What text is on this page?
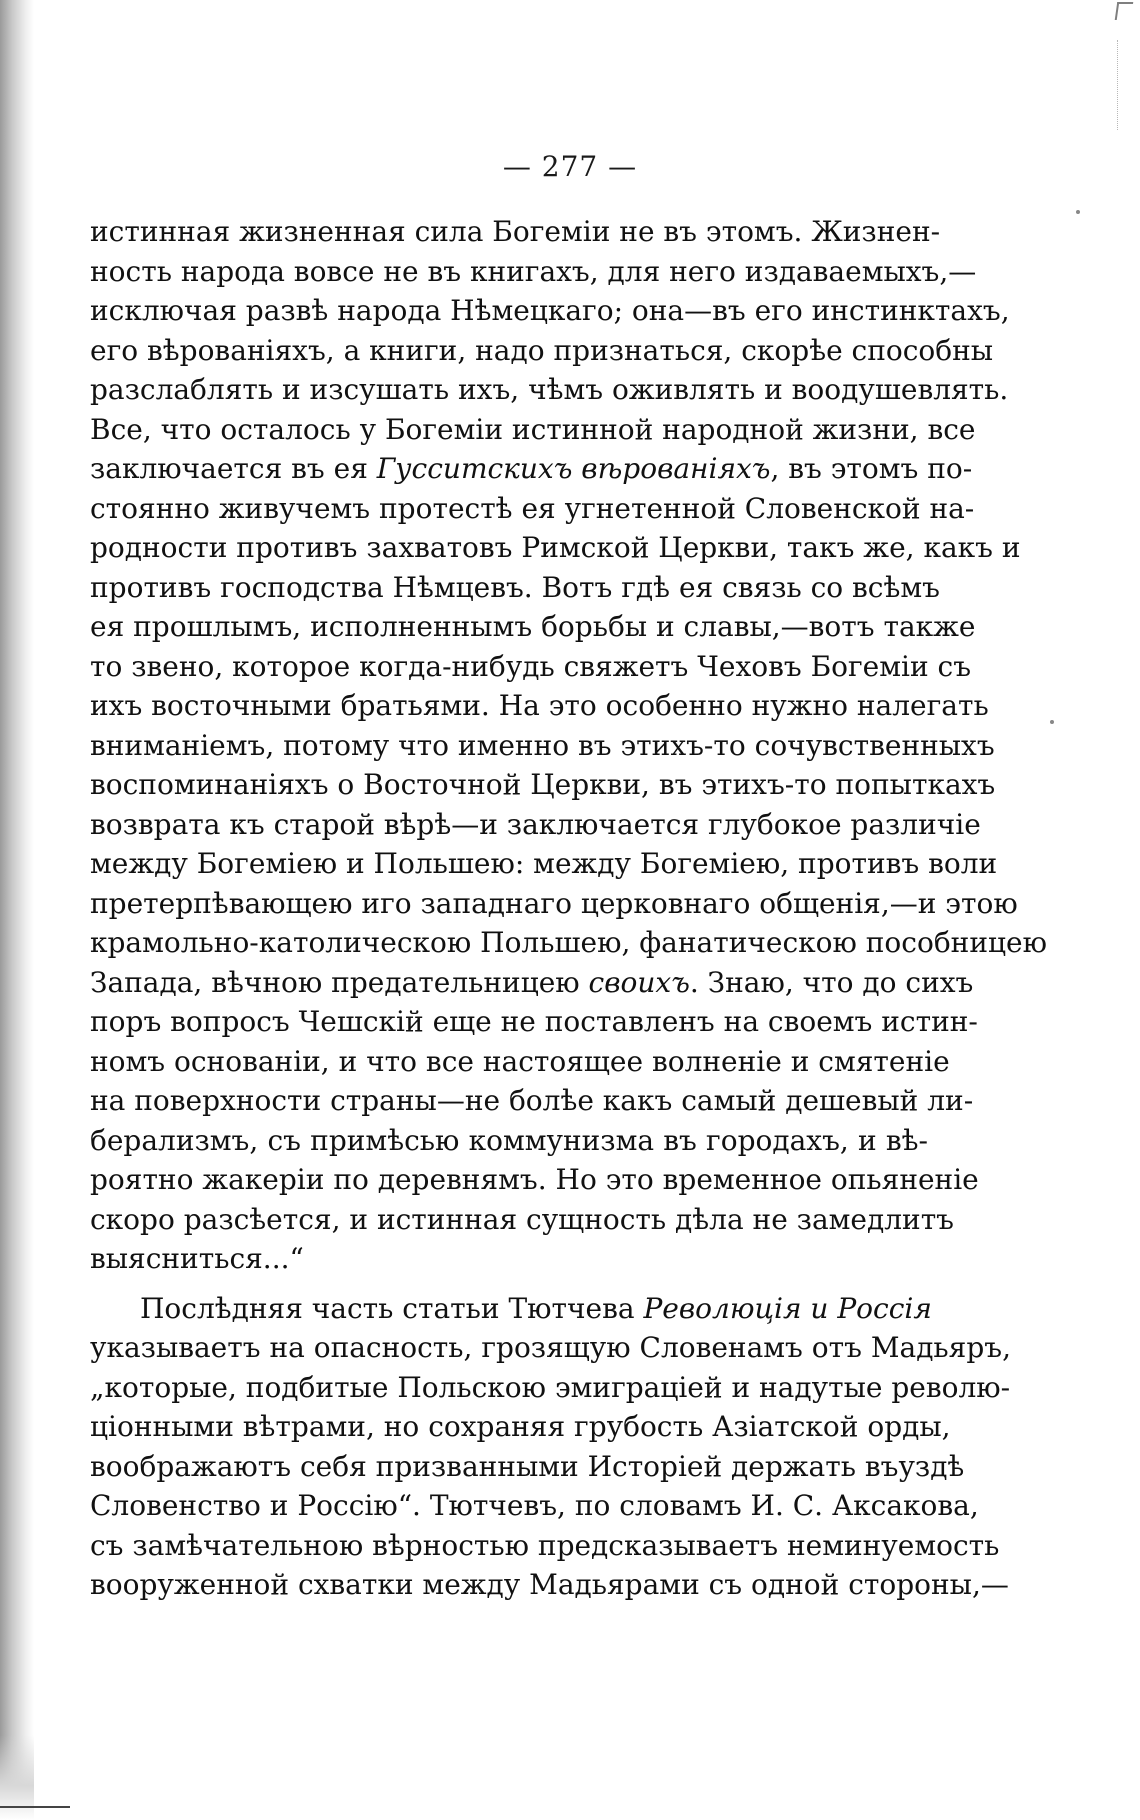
— 277 —
истинная жизненная сила Богемiи не въ этомъ. Жизнен-
ность народа вовсе не въ книгахъ, для него издаваемыхъ,—
исключая развѣ народа Нѣмецкаго; она—въ его инстинктахъ,
его вѣрованiяхъ, а книги, надо признаться, скорѣе способны
разслаблять и изсушать ихъ, чѣмъ оживлять и воодушевлять.
Все, что осталось у Богемiи истинной народной жизни, все
заключается въ ея Гусситскихъ вѣрованiяхъ, въ этомъ по-
стоянно живучемъ протестѣ ея угнетенной Словенской на-
родности противъ захватовъ Римской Церкви, такъ же, какъ и
противъ господства Нѣмцевъ. Вотъ гдѣ ея связь со всѣмъ
ея прошлымъ, исполненнымъ борьбы и славы,—вотъ также
то звено, которое когда-нибудь свяжетъ Чеховъ Богемiи съ
ихъ восточными братьями. На это особенно нужно налегать
вниманiемъ, потому что именно въ этихъ-то сочувственныхъ
воспоминанiяхъ о Восточной Церкви, въ этихъ-то попыткахъ
возврата къ старой вѣрѣ—и заключается глубокое различiе
между Богемiею и Польшею: между Богемiею, противъ воли
претерпѣвающею иго западнаго церковнаго общенiя,—и этою
крамольно-католическою Польшею, фанатическою пособницею
Запада, вѣчною предательницею своихъ. Знаю, что до сихъ
поръ вопросъ Чешскiй еще не поставленъ на своемъ истин-
номъ основанiи, и что все настоящее волненiе и смятенiе
на поверхности страны—не болѣе какъ самый дешевый ли-
берализмъ, съ примѣсью коммунизма въ городахъ, и вѣ-
роятно жакерiи по деревнямъ. Но это временное опьяненiе
скоро разсѣется, и истинная сущность дѣла не замедлитъ
выясниться...“
Послѣдняя часть статьи Тютчева Революцiя и Россiя
указываетъ на опасность, грозящую Словенамъ отъ Мадьяръ,
„которые, подбитые Польскою эмиграцiей и надутые револю-
цiонными вѣтрами, но сохраняя грубость Азiатской орды,
воображаютъ себя призванными Исторiей держать въуздѣ
Словенство и Россiю“. Тютчевъ, по словамъ И. С. Аксакова,
съ замѣчательною вѣрностью предсказываетъ неминуемость
вооруженной схватки между Мадьярами съ одной стороны,—
